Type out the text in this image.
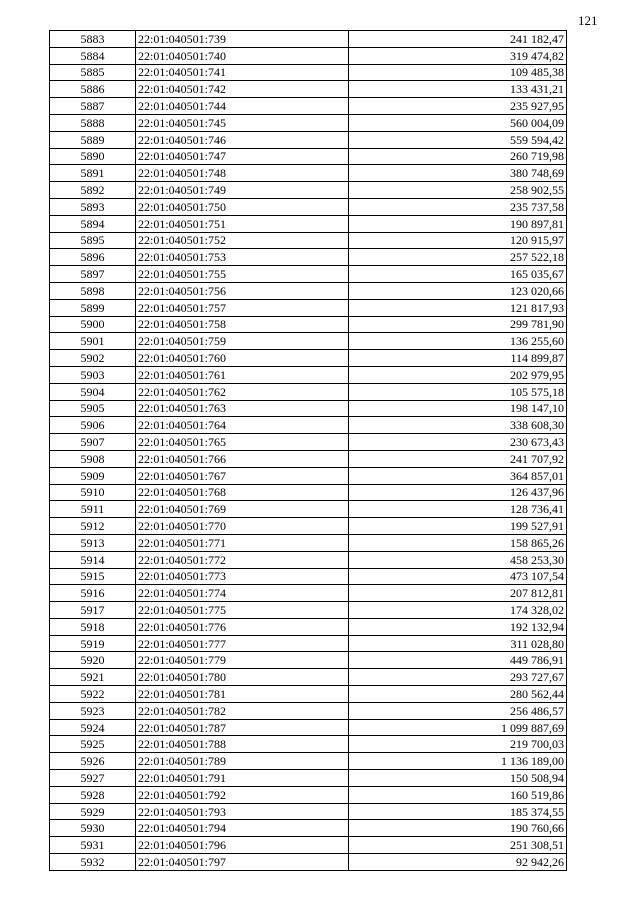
121
5883	22:01:040501:739	241 182,47
5884	22:01:040501:740	319 474,82
5885	22:01:040501:741	109 485,38
5886	22:01:040501:742	133 431,21
5887	22:01:040501:744	235 927,95
5888	22:01:040501:745	560 004,09
5889	22:01:040501:746	559 594,42
5890	22:01:040501:747	260 719,98
5891	22:01:040501:748	380 748,69
5892	22:01:040501:749	258 902,55
5893	22:01:040501:750	235 737,58
5894	22:01:040501:751	190 897,81
5895	22:01:040501:752	120 915,97
5896	22:01:040501:753	257 522,18
5897	22:01:040501:755	165 035,67
5898	22:01:040501:756	123 020,66
5899	22:01:040501:757	121 817,93
5900	22:01:040501:758	299 781,90
5901	22:01:040501:759	136 255,60
5902	22:01:040501:760	114 899,87
5903	22:01:040501:761	202 979,95
5904	22:01:040501:762	105 575,18
5905	22:01:040501:763	198 147,10
5906	22:01:040501:764	338 608,30
5907	22:01:040501:765	230 673,43
5908	22:01:040501:766	241 707,92
5909	22:01:040501:767	364 857,01
5910	22:01:040501:768	126 437,96
5911	22:01:040501:769	128 736,41
5912	22:01:040501:770	199 527,91
5913	22:01:040501:771	158 865,26
5914	22:01:040501:772	458 253,30
5915	22:01:040501:773	473 107,54
5916	22:01:040501:774	207 812,81
5917	22:01:040501:775	174 328,02
5918	22:01:040501:776	192 132,94
5919	22:01:040501:777	311 028,80
5920	22:01:040501:779	449 786,91
5921	22:01:040501:780	293 727,67
5922	22:01:040501:781	280 562,44
5923	22:01:040501:782	256 486,57
5924	22:01:040501:787	1 099 887,69
5925	22:01:040501:788	219 700,03
5926	22:01:040501:789	1 136 189,00
5927	22:01:040501:791	150 508,94
5928	22:01:040501:792	160 519,86
5929	22:01:040501:793	185 374,55
5930	22:01:040501:794	190 760,66
5931	22:01:040501:796	251 308,51
5932	22:01:040501:797	92 942,26
